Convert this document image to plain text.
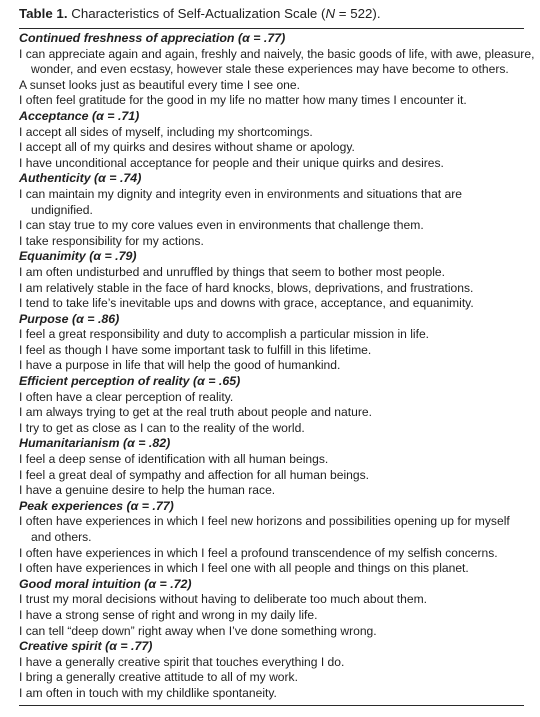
Table 1. Characteristics of Self-Actualization Scale (N = 522).
Continued freshness of appreciation (α = .77)
I can appreciate again and again, freshly and naively, the basic goods of life, with awe, pleasure,
wonder, and even ecstasy, however stale these experiences may have become to others.
A sunset looks just as beautiful every time I see one.
I often feel gratitude for the good in my life no matter how many times I encounter it.
Acceptance (α = .71)
I accept all sides of myself, including my shortcomings.
I accept all of my quirks and desires without shame or apology.
I have unconditional acceptance for people and their unique quirks and desires.
Authenticity (α = .74)
I can maintain my dignity and integrity even in environments and situations that are
undignified.
I can stay true to my core values even in environments that challenge them.
I take responsibility for my actions.
Equanimity (α = .79)
I am often undisturbed and unruffled by things that seem to bother most people.
I am relatively stable in the face of hard knocks, blows, deprivations, and frustrations.
I tend to take life’s inevitable ups and downs with grace, acceptance, and equanimity.
Purpose (α = .86)
I feel a great responsibility and duty to accomplish a particular mission in life.
I feel as though I have some important task to fulfill in this lifetime.
I have a purpose in life that will help the good of humankind.
Efficient perception of reality (α = .65)
I often have a clear perception of reality.
I am always trying to get at the real truth about people and nature.
I try to get as close as I can to the reality of the world.
Humanitarianism (α = .82)
I feel a deep sense of identification with all human beings.
I feel a great deal of sympathy and affection for all human beings.
I have a genuine desire to help the human race.
Peak experiences (α = .77)
I often have experiences in which I feel new horizons and possibilities opening up for myself
and others.
I often have experiences in which I feel a profound transcendence of my selfish concerns.
I often have experiences in which I feel one with all people and things on this planet.
Good moral intuition (α = .72)
I trust my moral decisions without having to deliberate too much about them.
I have a strong sense of right and wrong in my daily life.
I can tell “deep down” right away when I’ve done something wrong.
Creative spirit (α = .77)
I have a generally creative spirit that touches everything I do.
I bring a generally creative attitude to all of my work.
I am often in touch with my childlike spontaneity.
